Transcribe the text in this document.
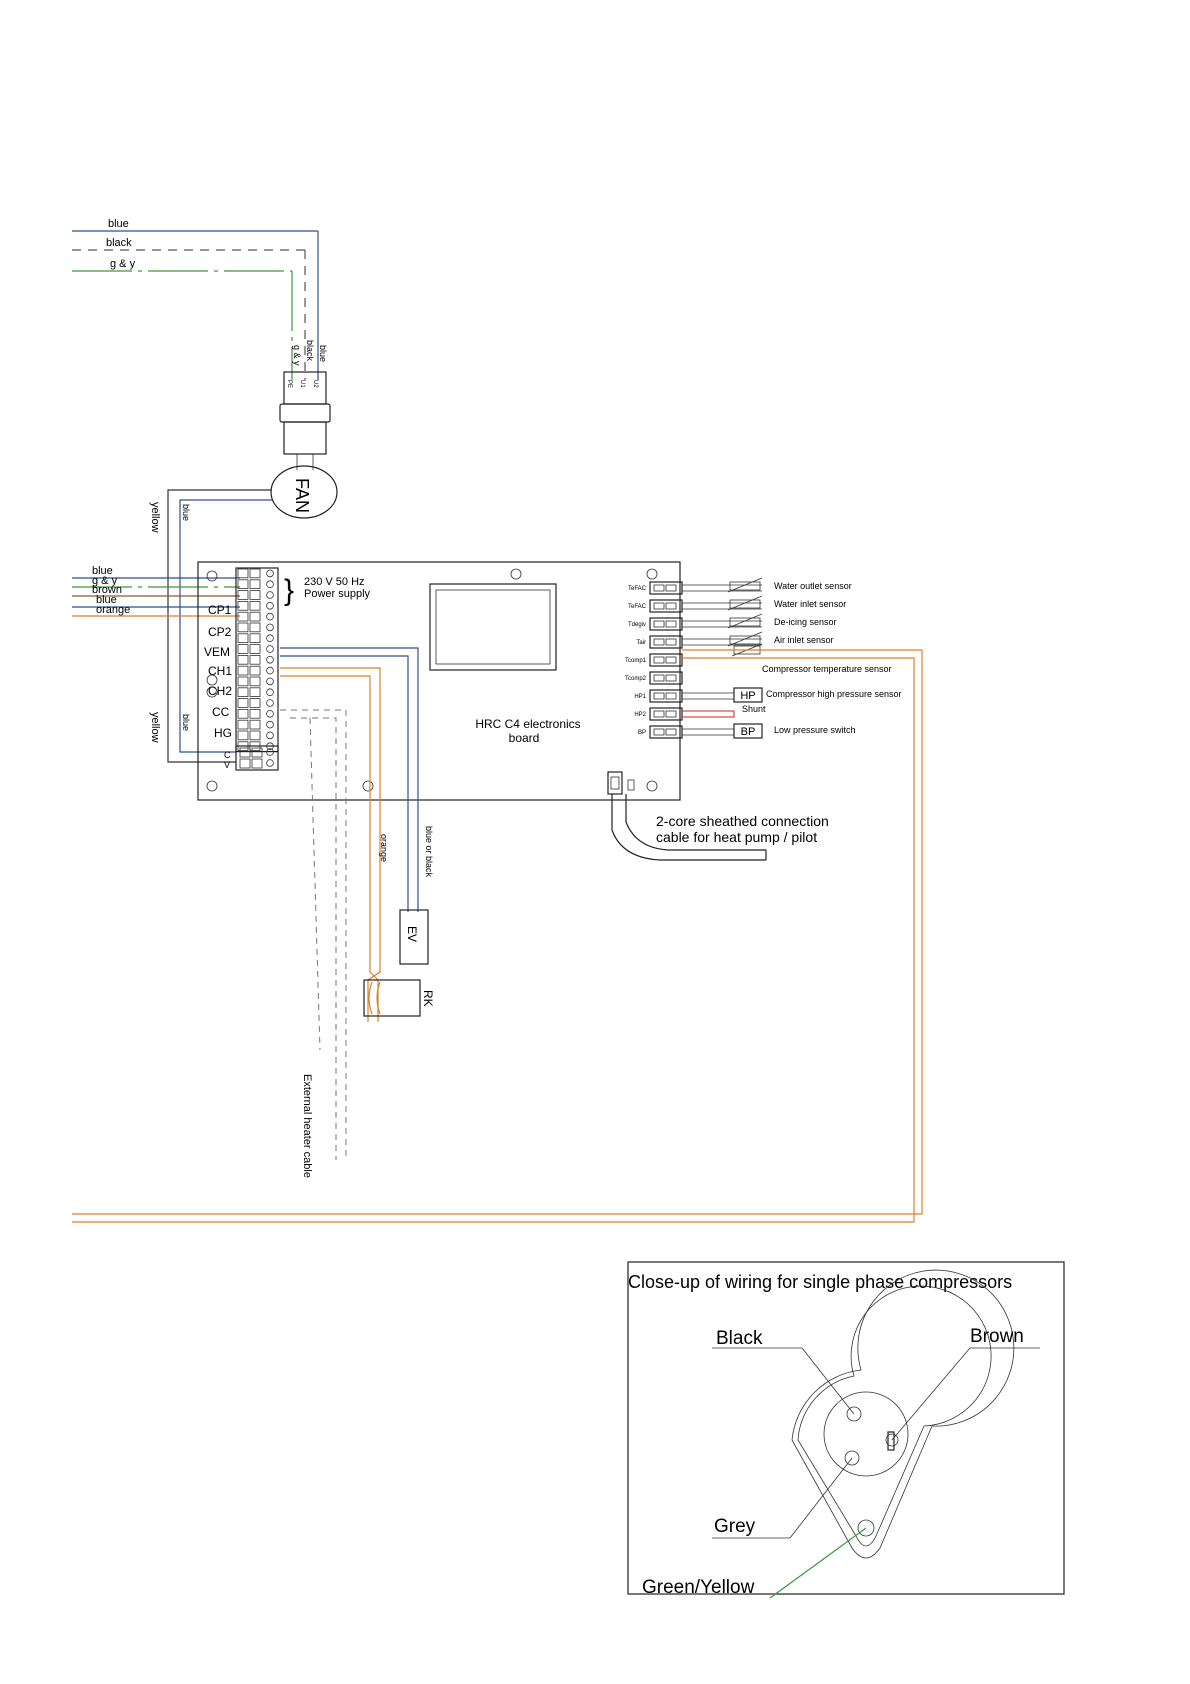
blue
black
g & y
g & y black blue
PE U1 U2
FAN
yellow blue
yellow blue
blue
g & y
brown
blue
orange
HRC C4 electronics
board
} 230 V 50 Hz
Power supply
CP1
CP2
VEM
CH1
CH2
CC
HG
C
V
blue or black
orange
EV
RK
External heater cable
TeFAC
TeFAC
Tdegiv
Tair
Tcomp1
Tcomp2
HP1
HP2
BP
Water outlet sensor
Water inlet sensor
De-icing sensor
Air inlet sensor
Compressor temperature sensor
HP Compressor high pressure sensor
Shunt
BP Low pressure switch
2-core sheathed connection
cable for heat pump / pilot
Close-up of wiring for single phase compressors
Black	Brown
Grey
Green/Yellow
